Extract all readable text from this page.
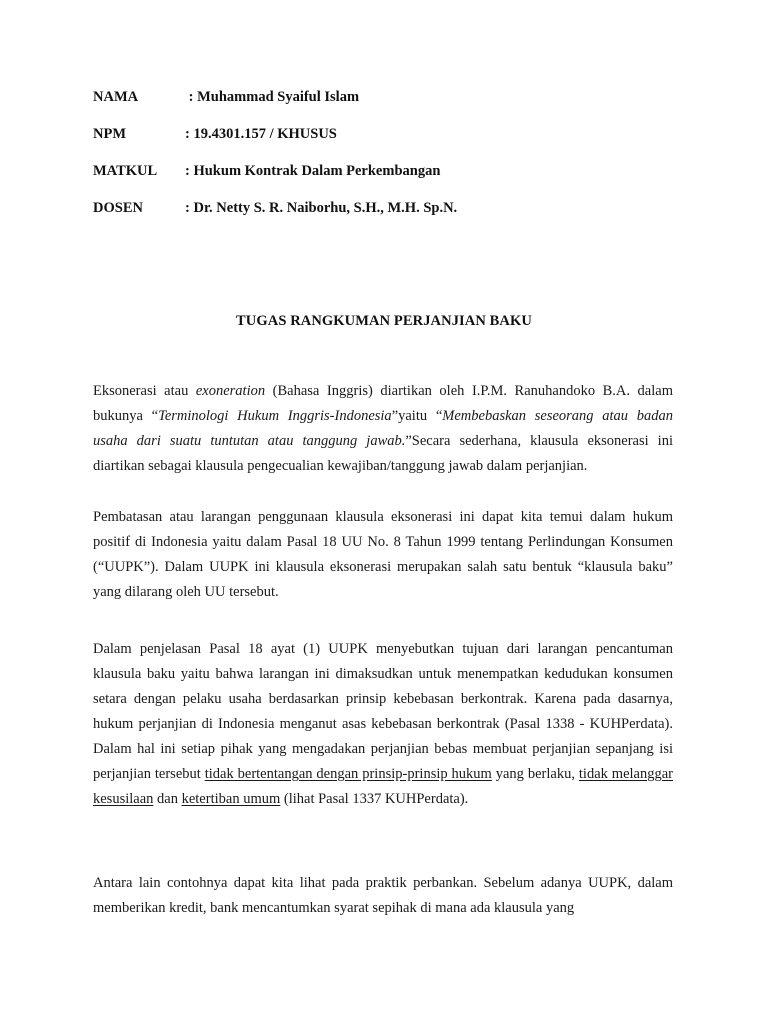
NAMA	: Muhammad Syaiful Islam
NPM	: 19.4301.157 / KHUSUS
MATKUL : Hukum Kontrak Dalam Perkembangan
DOSEN	: Dr. Netty S. R. Naiborhu, S.H., M.H. Sp.N.
TUGAS RANGKUMAN PERJANJIAN BAKU

Eksonerasi atau exoneration (Bahasa Inggris) diartikan oleh I.P.M. Ranuhandoko B.A. dalam bukunya “Terminologi Hukum Inggris-Indonesia”yaitu “Membebaskan seseorang atau badan usaha dari suatu tuntutan atau tanggung jawab.”Secara sederhana, klausula eksonerasi ini diartikan sebagai klausula pengecualian kewajiban/tanggung jawab dalam perjanjian.

Pembatasan atau larangan penggunaan klausula eksonerasi ini dapat kita temui dalam hukum positif di Indonesia yaitu dalam Pasal 18 UU No. 8 Tahun 1999 tentang Perlindungan Konsumen (“UUPK”). Dalam UUPK ini klausula eksonerasi merupakan salah satu bentuk “klausula baku” yang dilarang oleh UU tersebut.

Dalam penjelasan Pasal 18 ayat (1) UUPK menyebutkan tujuan dari larangan pencantuman klausula baku yaitu bahwa larangan ini dimaksudkan untuk menempatkan kedudukan konsumen setara dengan pelaku usaha berdasarkan prinsip kebebasan berkontrak. Karena pada dasarnya, hukum perjanjian di Indonesia menganut asas kebebasan berkontrak (Pasal 1338 - KUHPerdata). Dalam hal ini setiap pihak yang mengadakan perjanjian bebas membuat perjanjian sepanjang isi perjanjian tersebut tidak bertentangan dengan prinsip-prinsip hukum yang berlaku, tidak melanggar kesusilaan dan ketertiban umum (lihat Pasal 1337 KUHPerdata).

Antara lain contohnya dapat kita lihat pada praktik perbankan. Sebelum adanya UUPK, dalam memberikan kredit, bank mencantumkan syarat sepihak di mana ada klausula yang
